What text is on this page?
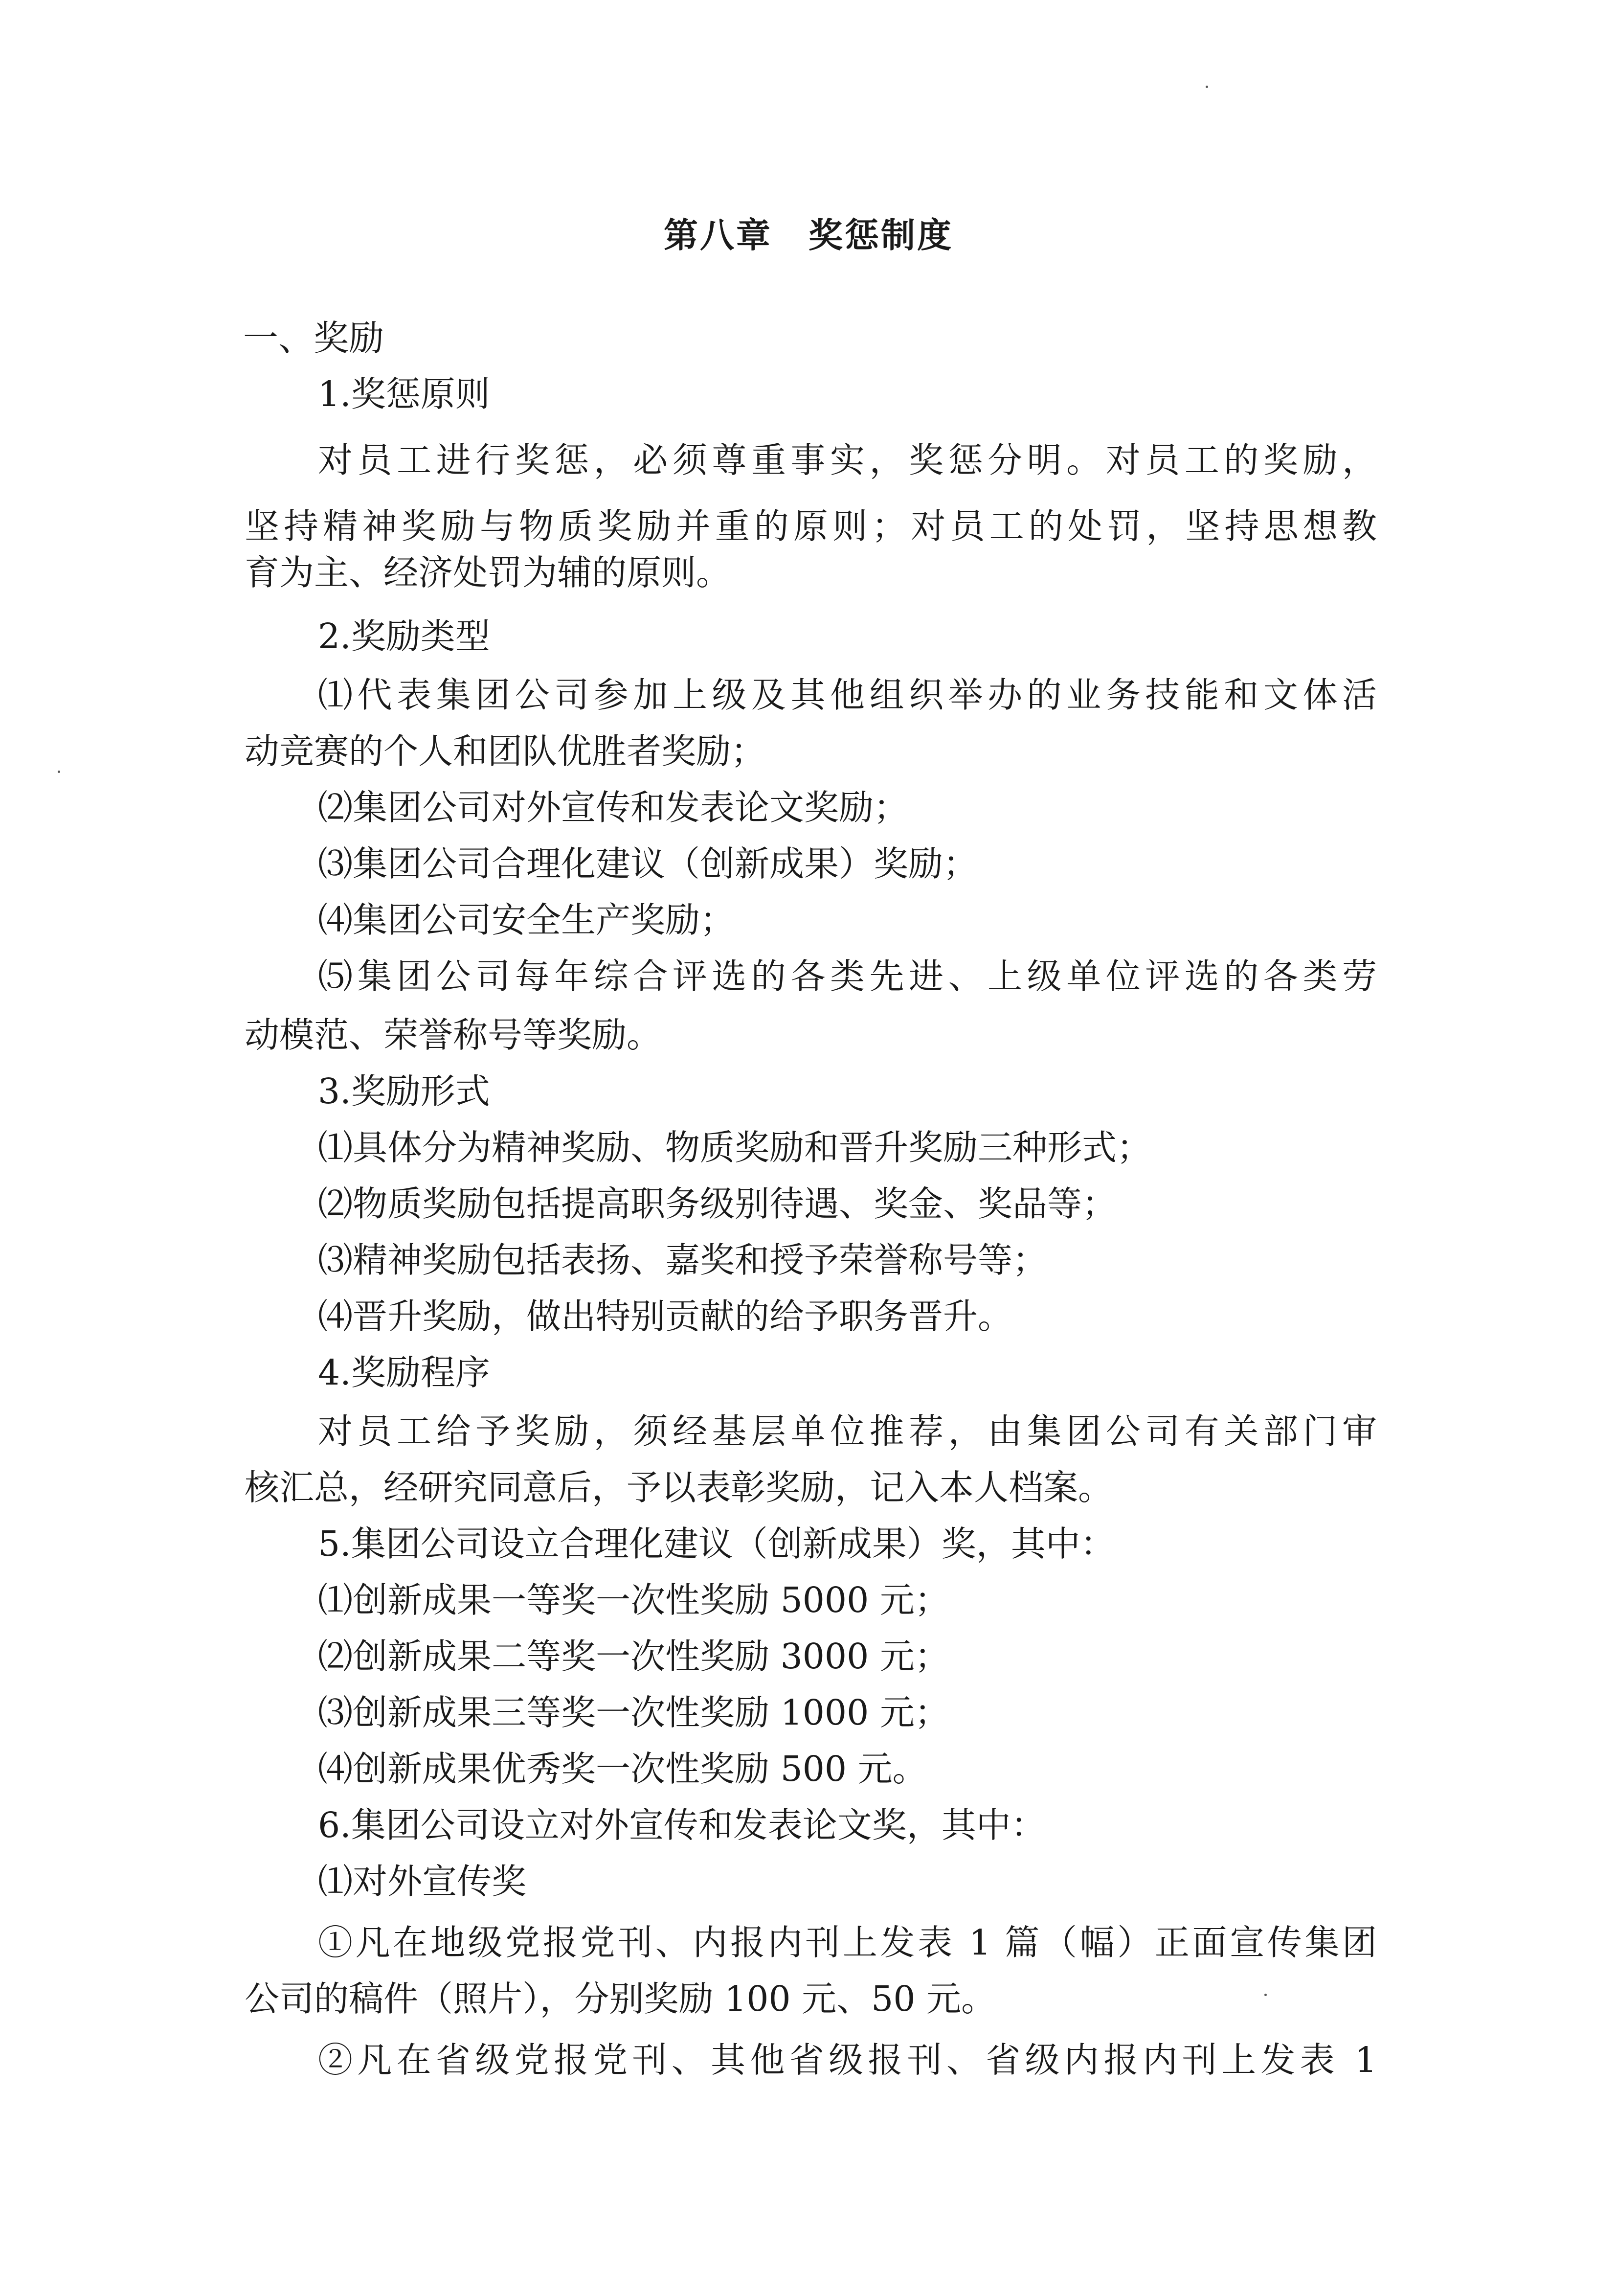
第八章　奖惩制度
一、奖励
1.奖惩原则
对员工进行奖惩，必须尊重事实，奖惩分明。对员工的奖励，
坚持精神奖励与物质奖励并重的原则；对员工的处罚，坚持思想教
育为主、经济处罚为辅的原则。
2.奖励类型
⑴代表集团公司参加上级及其他组织举办的业务技能和文体活
动竞赛的个人和团队优胜者奖励；
⑵集团公司对外宣传和发表论文奖励；
⑶集团公司合理化建议（创新成果）奖励；
⑷集团公司安全生产奖励；
⑸集团公司每年综合评选的各类先进、上级单位评选的各类劳
动模范、荣誉称号等奖励。
3.奖励形式
⑴具体分为精神奖励、物质奖励和晋升奖励三种形式；
⑵物质奖励包括提高职务级别待遇、奖金、奖品等；
⑶精神奖励包括表扬、嘉奖和授予荣誉称号等；
⑷晋升奖励，做出特别贡献的给予职务晋升。
4.奖励程序
对员工给予奖励，须经基层单位推荐，由集团公司有关部门审
核汇总，经研究同意后，予以表彰奖励，记入本人档案。
5.集团公司设立合理化建议（创新成果）奖，其中：
⑴创新成果一等奖一次性奖励 5000 元；
⑵创新成果二等奖一次性奖励 3000 元；
⑶创新成果三等奖一次性奖励 1000 元；
⑷创新成果优秀奖一次性奖励 500 元。
6.集团公司设立对外宣传和发表论文奖，其中：
⑴对外宣传奖
①凡在地级党报党刊、内报内刊上发表 1 篇（幅）正面宣传集团
公司的稿件（照片），分别奖励 100 元、50 元。
②凡在省级党报党刊、其他省级报刊、省级内报内刊上发表 1
